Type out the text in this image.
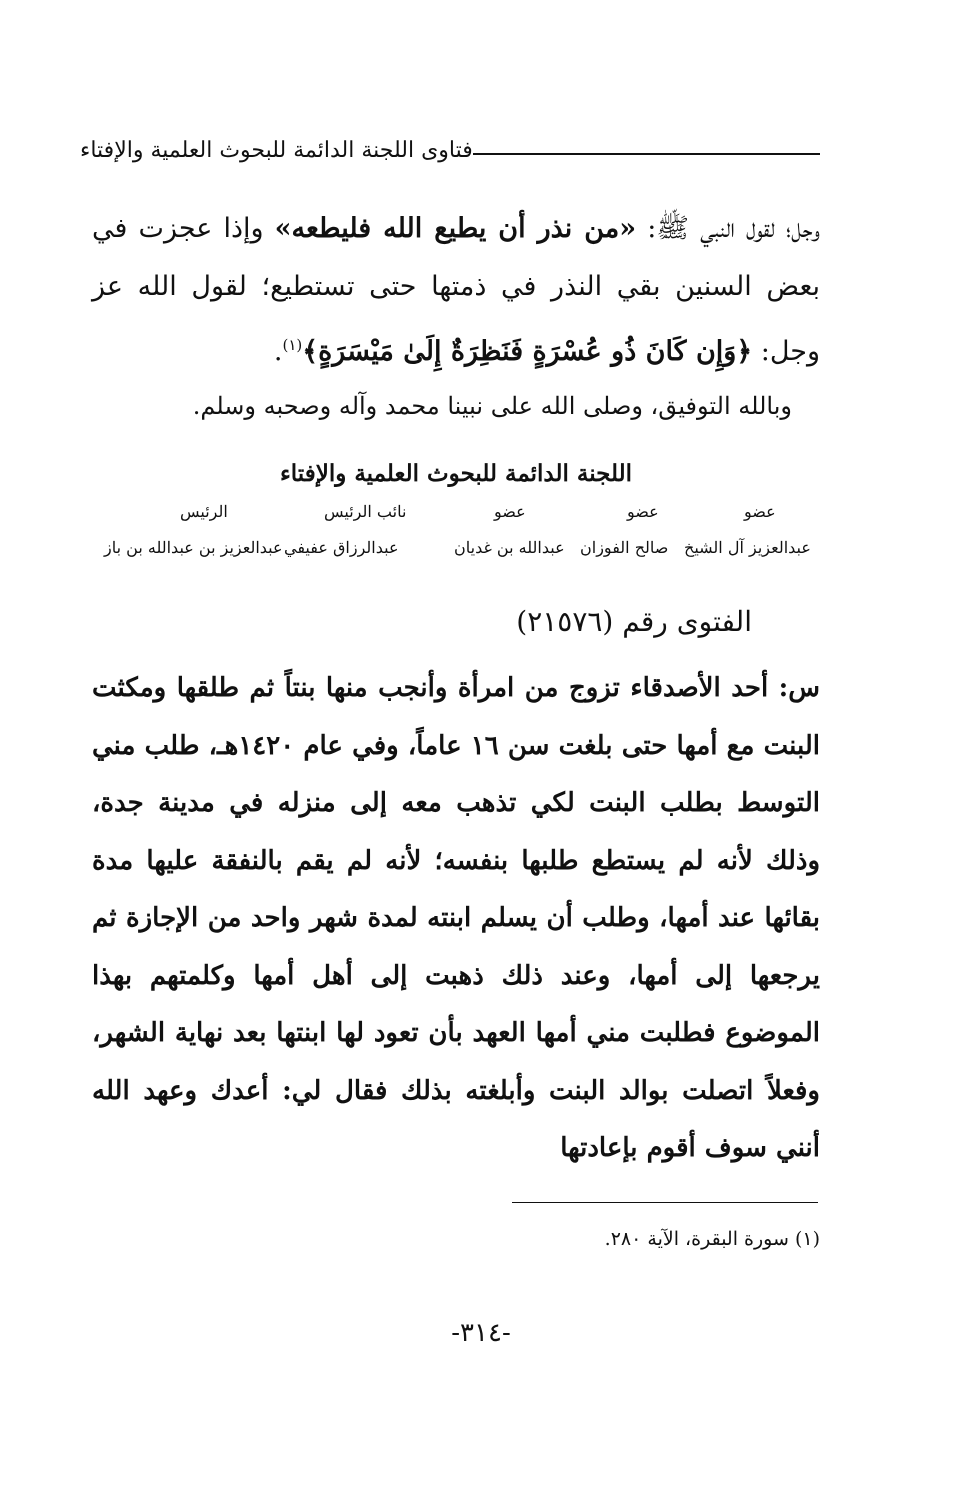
فتاوى اللجنة الدائمة للبحوث العلمية والإفتاء
وجل؛ لقول النبي ﷺ: «من نذر أن يطيع الله فليطعه» وإذا عجزت في بعض السنين بقي النذر في ذمتها حتى تستطيع؛ لقول الله عز وجل: ﴿وَإِن كَانَ ذُو عُسْرَةٍ فَنَظِرَةٌ إِلَىٰ مَيْسَرَةٍ﴾$^{(١)}$.
وبالله التوفيق، وصلى الله على نبينا محمد وآله وصحبه وسلم.
اللجنة الدائمة للبحوث العلمية والإفتاء
عضو
عضو
عضو
نائب الرئيس
الرئيس
عبدالعزيز آل الشيخ
صالح الفوزان
عبدالله بن غديان
عبدالرزاق عفيفي
عبدالعزيز بن عبدالله بن باز
الفتوى رقم (٢١٥٧٦)
س: أحد الأصدقاء تزوج من امرأة وأنجب منها بنتاً ثم طلقها ومكثت البنت مع أمها حتى بلغت سن ١٦ عاماً، وفي عام ١٤٢٠هـ، طلب مني التوسط بطلب البنت لكي تذهب معه إلى منزله في مدينة جدة، وذلك لأنه لم يستطع طلبها بنفسه؛ لأنه لم يقم بالنفقة عليها مدة بقائها عند أمها، وطلب أن يسلم ابنته لمدة شهر واحد من الإجازة ثم يرجعها إلى أمها، وعند ذلك ذهبت إلى أهل أمها وكلمتهم بهذا الموضوع فطلبت مني أمها العهد بأن تعود لها ابنتها بعد نهاية الشهر، وفعلاً اتصلت بوالد البنت وأبلغته بذلك فقال لي: أعدك وعهد الله أنني سوف أقوم بإعادتها
(١) سورة البقرة، الآية ٢٨٠.
-٣١٤-
